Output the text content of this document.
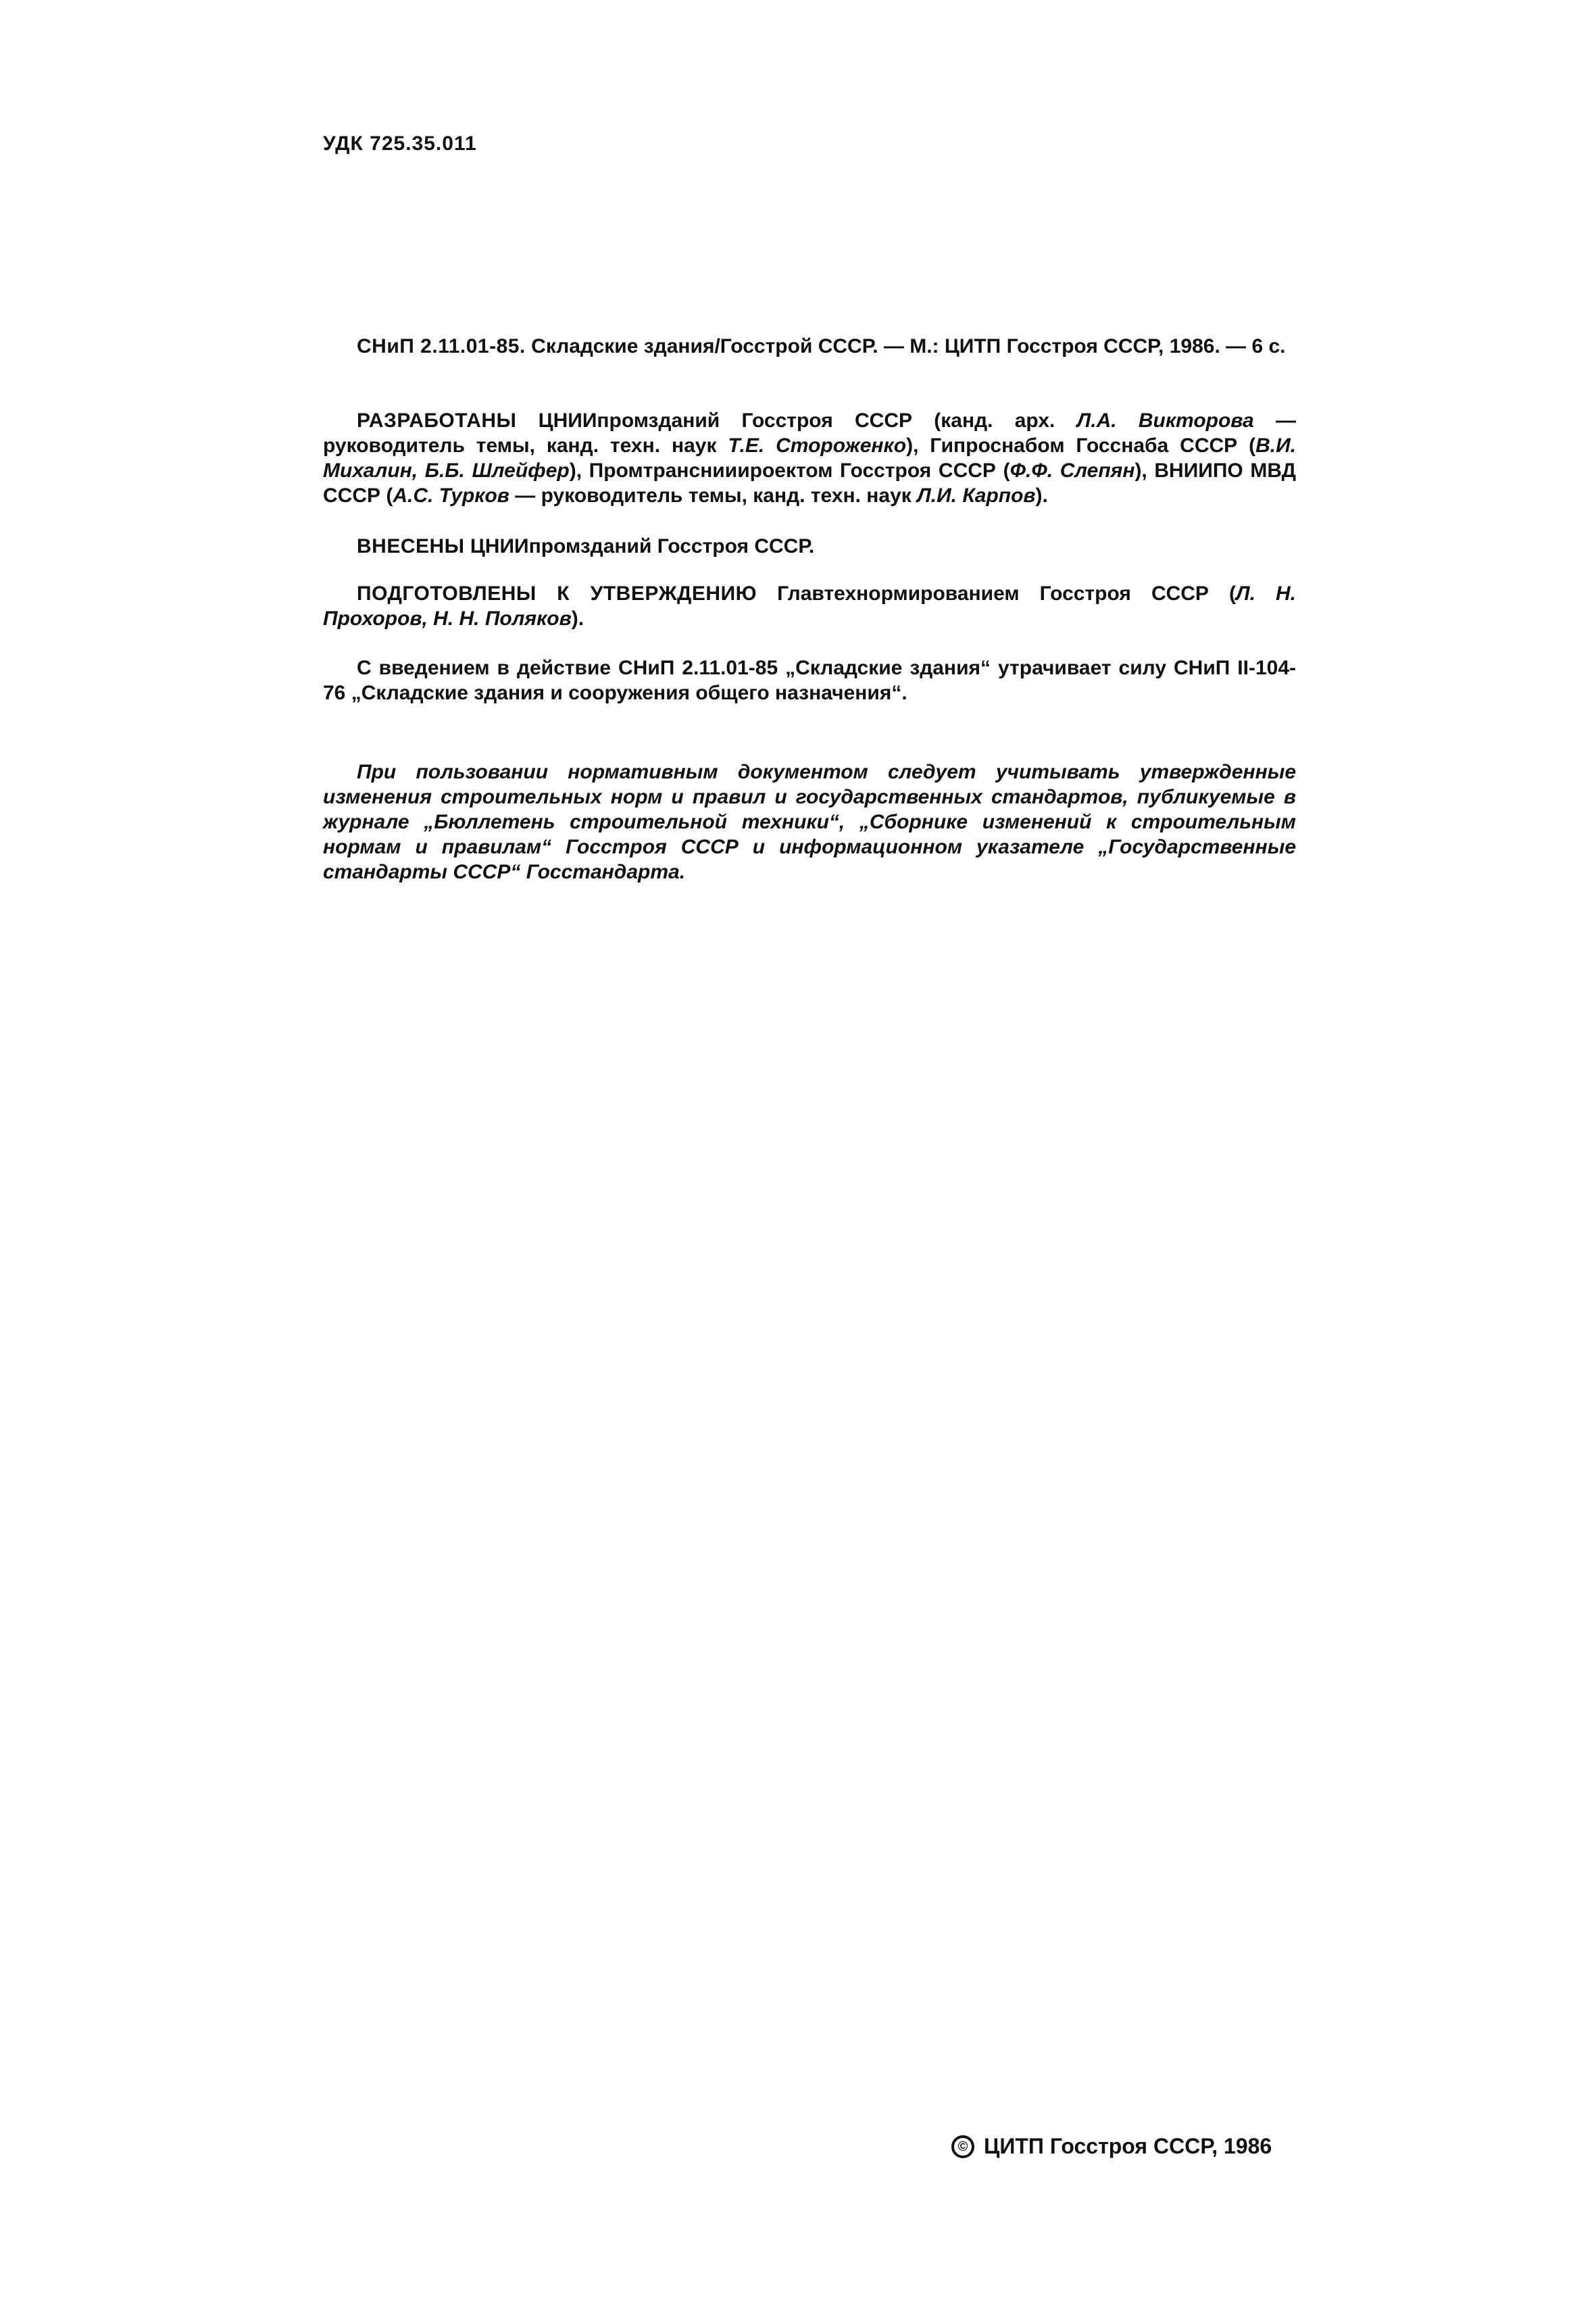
УДК 725.35.011

СНиП 2.11.01-85. Складские здания/Госстрой СССР. — М.: ЦИТП Госстроя СССР, 1986. — 6 с.

РАЗРАБОТАНЫ ЦНИИпромзданий Госстроя СССР (канд. арх. Л.А. Викторова — руководитель темы, канд. техн. наук Т.Е. Стороженко), Гипроснабом Госснаба СССР (В.И. Михалин, Б.Б. Шлейфер), Промтранснииироектом Госстроя СССР (Ф.Ф. Слепян), ВНИИПО МВД СССР (А.С. Турков — руководитель темы, канд. техн. наук Л.И. Карпов).

ВНЕСЕНЫ ЦНИИпромзданий Госстроя СССР.

ПОДГОТОВЛЕНЫ К УТВЕРЖДЕНИЮ Главтехнормированием Госстроя СССР (Л. Н. Прохоров, Н. Н. Поляков).

С введением в действие СНиП 2.11.01-85 „Складские здания“ утрачивает силу СНиП II-104-76 „Складские здания и сооружения общего назначения“.

При пользовании нормативным документом следует учитывать утвержденные изменения строительных норм и правил и государственных стандартов, публикуемые в журнале „Бюллетень строительной техники“, „Сборнике изменений к строительным нормам и правилам“ Госстроя СССР и информационном указателе „Государственные стандарты СССР“ Госстандарта.

© ЦИТП Госстроя СССР, 1986
